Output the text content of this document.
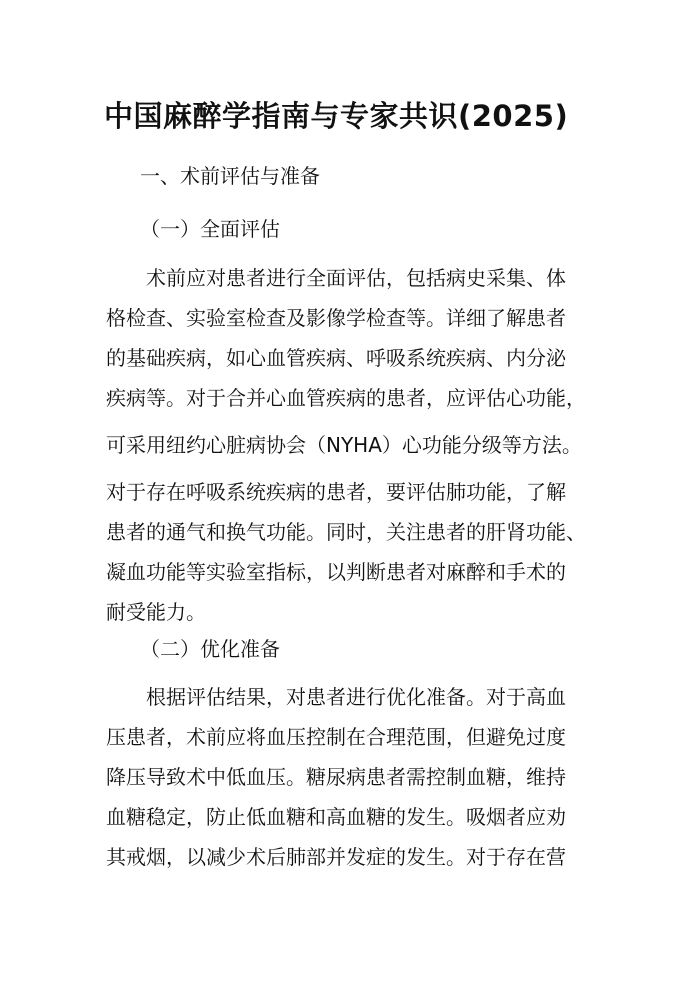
中国麻醉学指南与专家共识(2025)
一、术前评估与准备
（一）全面评估
　　术前应对患者进行全面评估，包括病史采集、体
格检查、实验室检查及影像学检查等。详细了解患者
的基础疾病，如心血管疾病、呼吸系统疾病、内分泌
疾病等。对于合并心血管疾病的患者，应评估心功能，
可采用纽约心脏病协会（NYHA）心功能分级等方法。
对于存在呼吸系统疾病的患者，要评估肺功能，了解
患者的通气和换气功能。同时，关注患者的肝肾功能、
凝血功能等实验室指标，以判断患者对麻醉和手术的
耐受能力。
（二）优化准备
　　根据评估结果，对患者进行优化准备。对于高血
压患者，术前应将血压控制在合理范围，但避免过度
降压导致术中低血压。糖尿病患者需控制血糖，维持
血糖稳定，防止低血糖和高血糖的发生。吸烟者应劝
其戒烟，以减少术后肺部并发症的发生。对于存在营
